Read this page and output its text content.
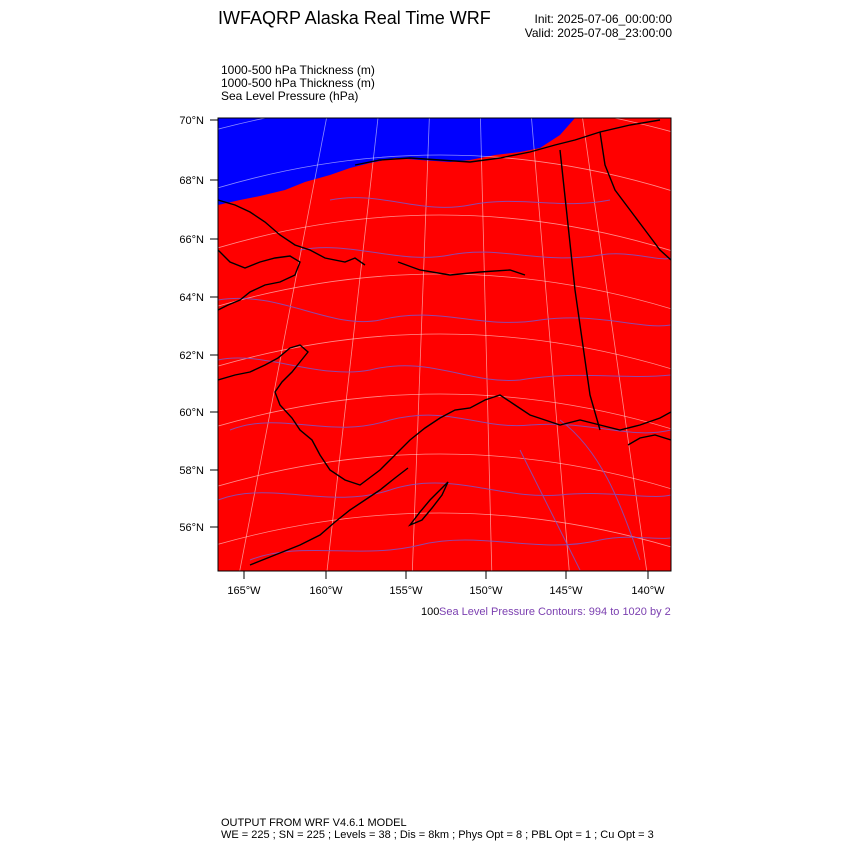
IWFAQRP Alaska Real Time WRF	Init: 2025-07-06_00:00:00
Valid: 2025-07-08_23:00:00
1000-500 hPa Thickness (m)
1000-500 hPa Thickness (m)
Sea Level Pressure (hPa)
70°N
68°N
66°N
64°N
62°N
60°N
58°N
56°N
165°W	160°W	155°W	150°W	145°W	140°W
100 Sea Level Pressure Contours: 994 to 1020 by 2
OUTPUT FROM WRF V4.6.1 MODEL
WE = 225 ; SN = 225 ; Levels = 38 ; Dis = 8km ; Phys Opt = 8 ; PBL Opt = 1 ; Cu Opt = 3
